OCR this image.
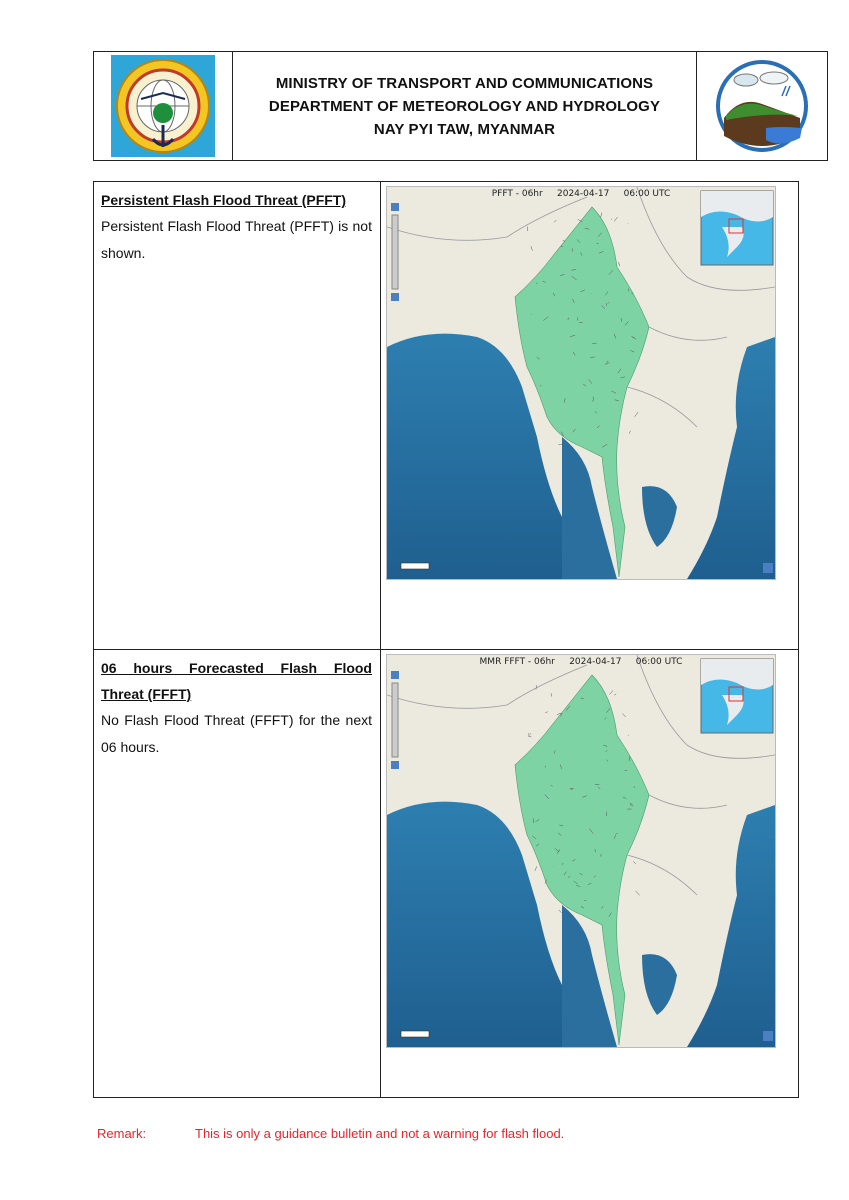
MINISTRY OF TRANSPORT AND COMMUNICATIONS
DEPARTMENT OF METEOROLOGY AND HYDROLOGY
NAY PYI TAW, MYANMAR
Persistent Flash Flood Threat (PFFT)
Persistent Flash Flood Threat (PFFT) is not shown.
PFFT - 06hr     2024-04-17     06:00 UTC
06 hours Forecasted Flash Flood
Threat (FFFT)
No Flash Flood Threat (FFFT) for the next 06 hours.
MMR FFFT - 06hr     2024-04-17     06:00 UTC
Remark:	This is only a guidance bulletin and not a warning for flash flood.
